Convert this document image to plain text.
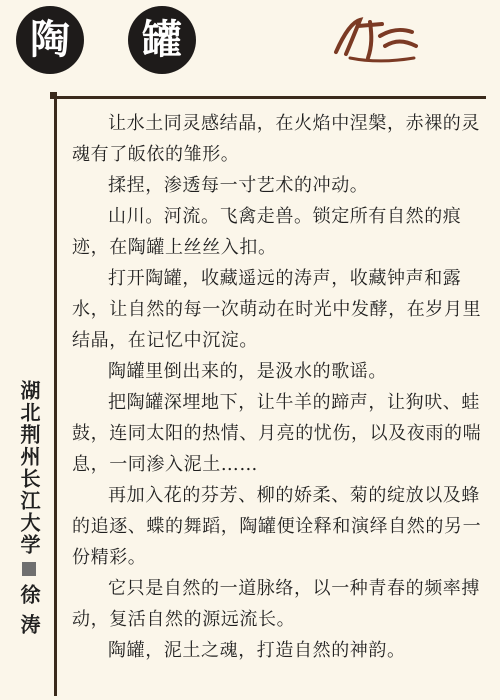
陶	罐

让水土同灵感结晶，在火焰中涅槃，赤裸的灵魂有了皈依的雏形。

揉捏，渗透每一寸艺术的冲动。

山川。河流。飞禽走兽。锁定所有自然的痕迹，在陶罐上丝丝入扣。

打开陶罐，收藏遥远的涛声，收藏钟声和露水，让自然的每一次萌动在时光中发酵，在岁月里结晶，在记忆中沉淀。

陶罐里倒出来的，是汲水的歌谣。

把陶罐深埋地下，让牛羊的蹄声，让狗吠、蛙鼓，连同太阳的热情、月亮的忧伤，以及夜雨的喘息，一同渗入泥土……

再加入花的芬芳、柳的娇柔、菊的绽放以及蜂的追逐、蝶的舞蹈，陶罐便诠释和演绎自然的另一份精彩。

它只是自然的一道脉络，以一种青春的频率搏动，复活自然的源远流长。

陶罐，泥土之魂，打造自然的神韵。

湖北荆州长江大学
徐涛
